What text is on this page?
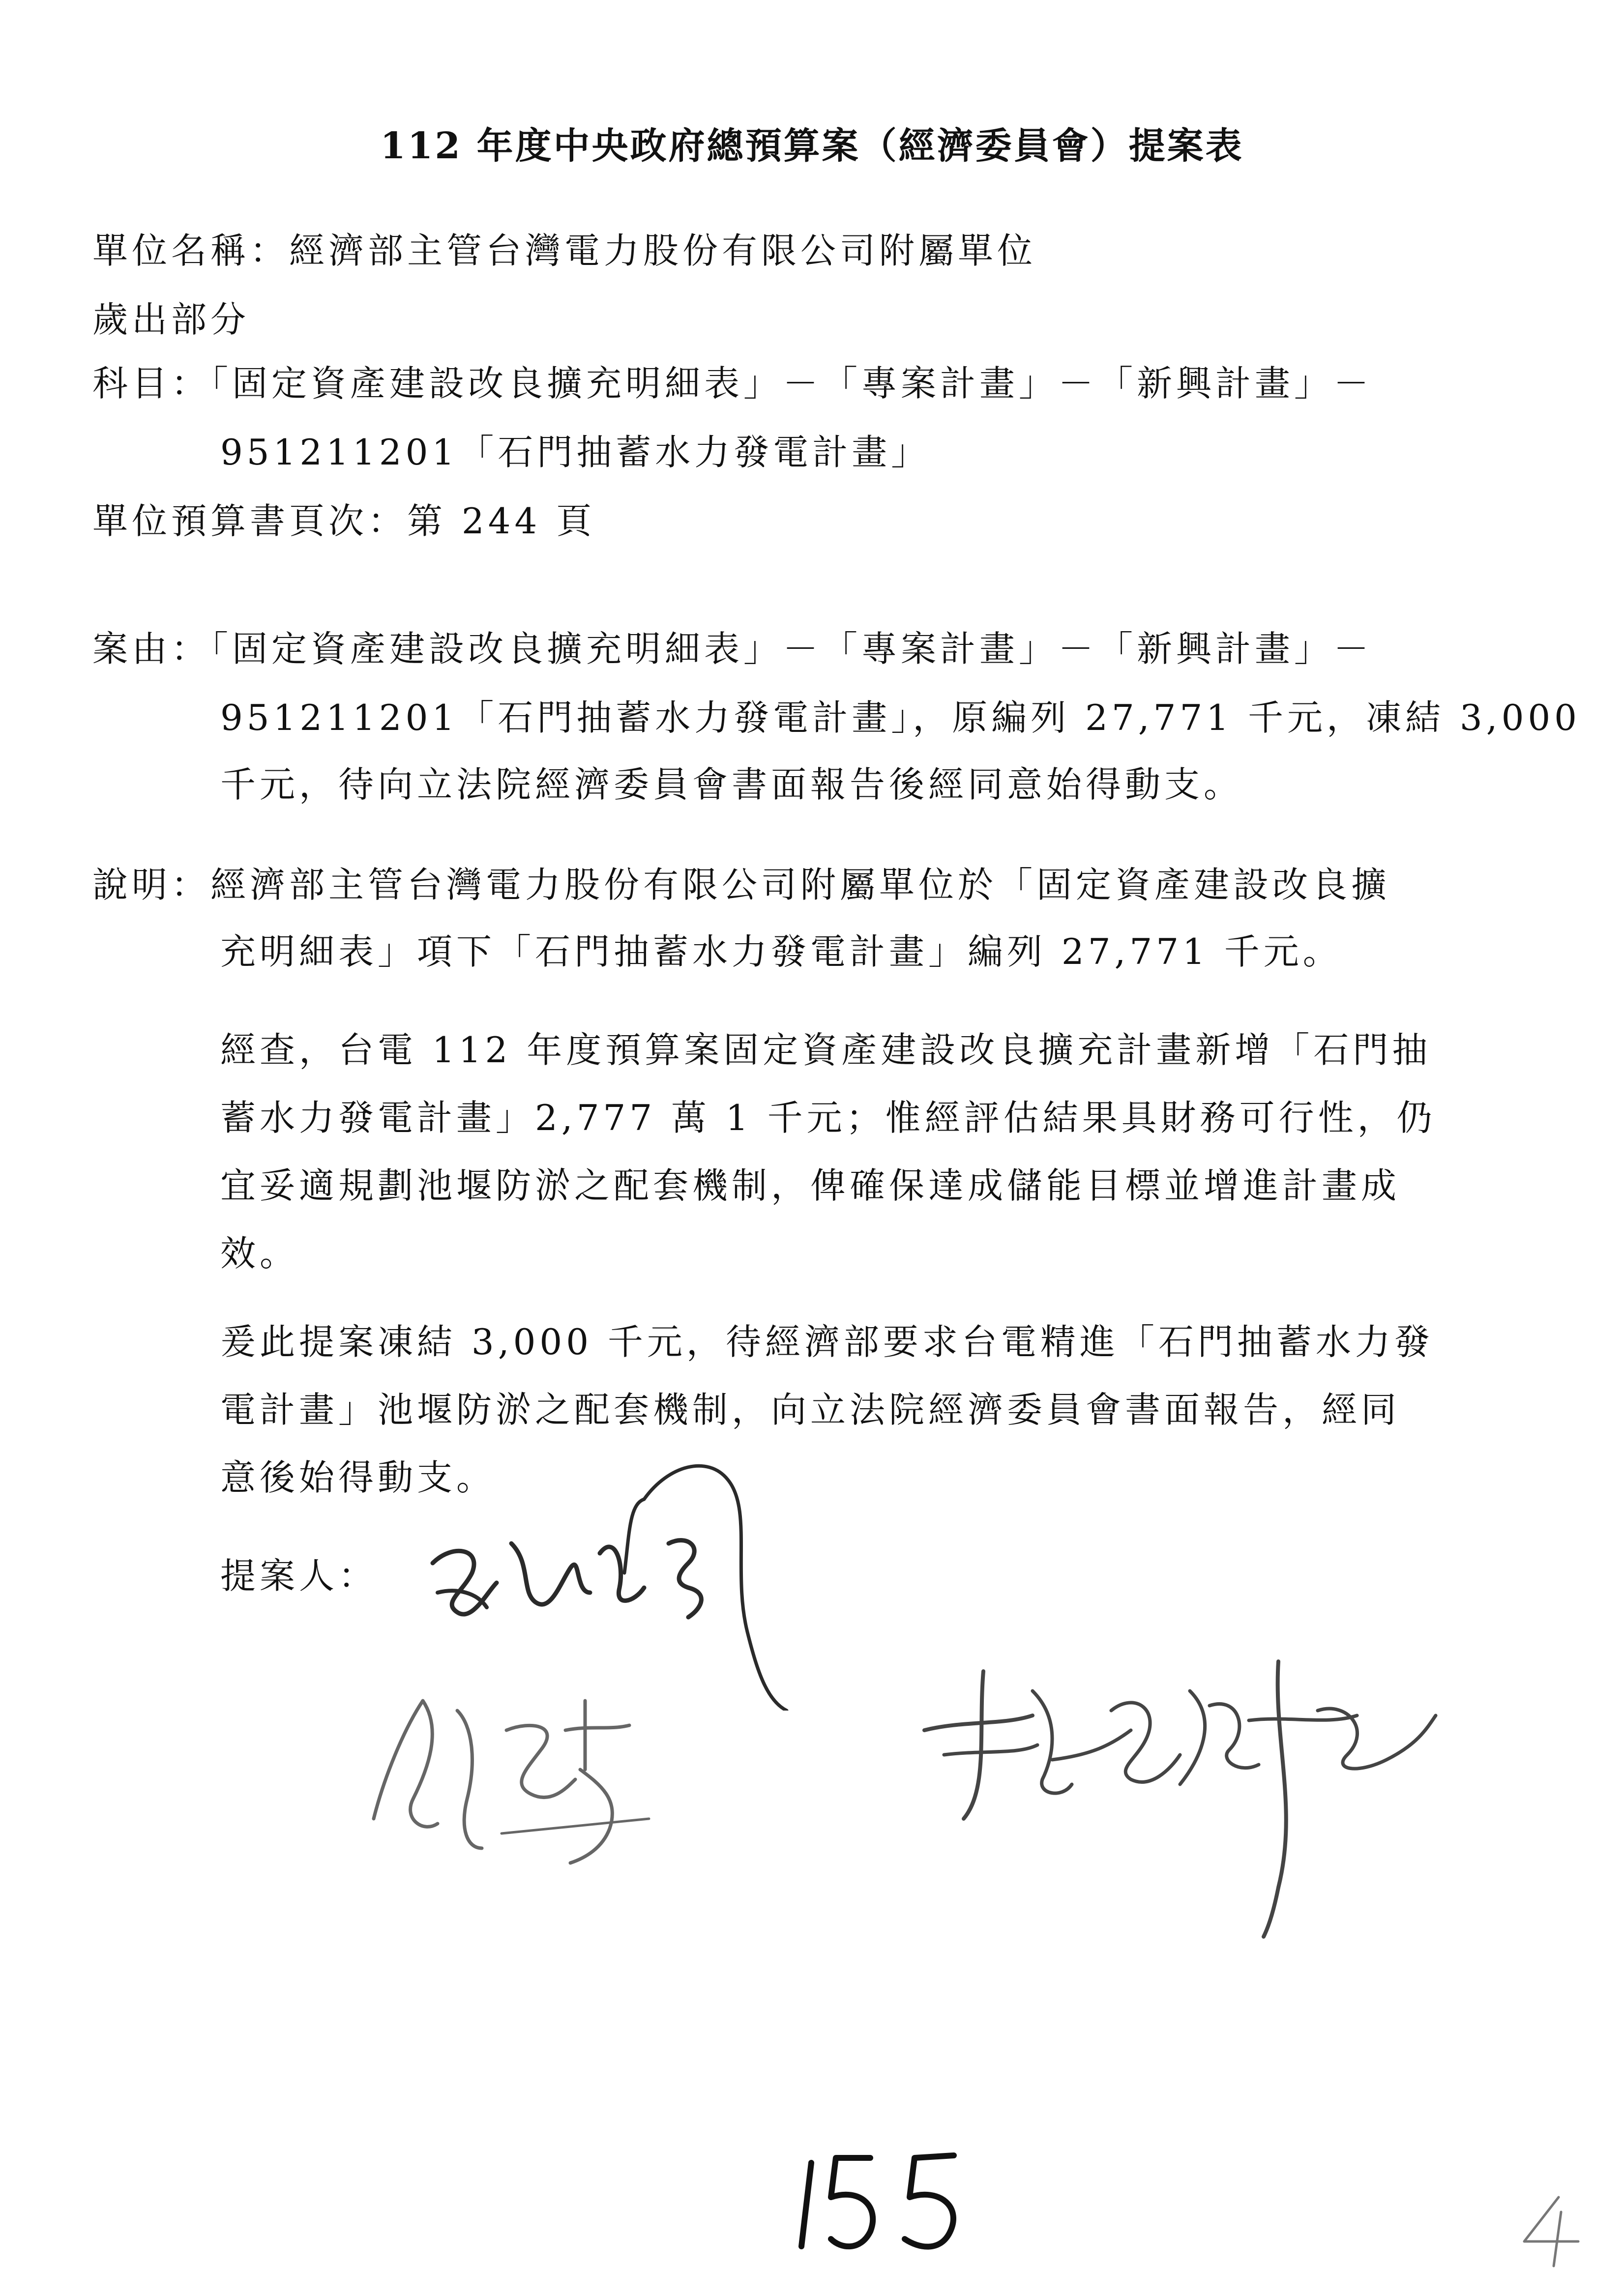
112 年度中央政府總預算案（經濟委員會）提案表
單位名稱：經濟部主管台灣電力股份有限公司附屬單位
歲出部分
科目：「固定資產建設改良擴充明細表」－「專案計畫」－「新興計畫」－
951211201「石門抽蓄水力發電計畫」
單位預算書頁次：第 244 頁
案由：「固定資產建設改良擴充明細表」－「專案計畫」－「新興計畫」－
951211201「石門抽蓄水力發電計畫」，原編列 27,771 千元，凍結 3,000
千元，待向立法院經濟委員會書面報告後經同意始得動支。
說明：經濟部主管台灣電力股份有限公司附屬單位於「固定資產建設改良擴
充明細表」項下「石門抽蓄水力發電計畫」編列 27,771 千元。
經查，台電 112 年度預算案固定資產建設改良擴充計畫新增「石門抽
蓄水力發電計畫」2,777 萬 1 千元；惟經評估結果具財務可行性，仍
宜妥適規劃池堰防淤之配套機制，俾確保達成儲能目標並增進計畫成
效。
爰此提案凍結 3,000 千元，待經濟部要求台電精進「石門抽蓄水力發
電計畫」池堰防淤之配套機制，向立法院經濟委員會書面報告，經同
意後始得動支。
提案人：
155
4
